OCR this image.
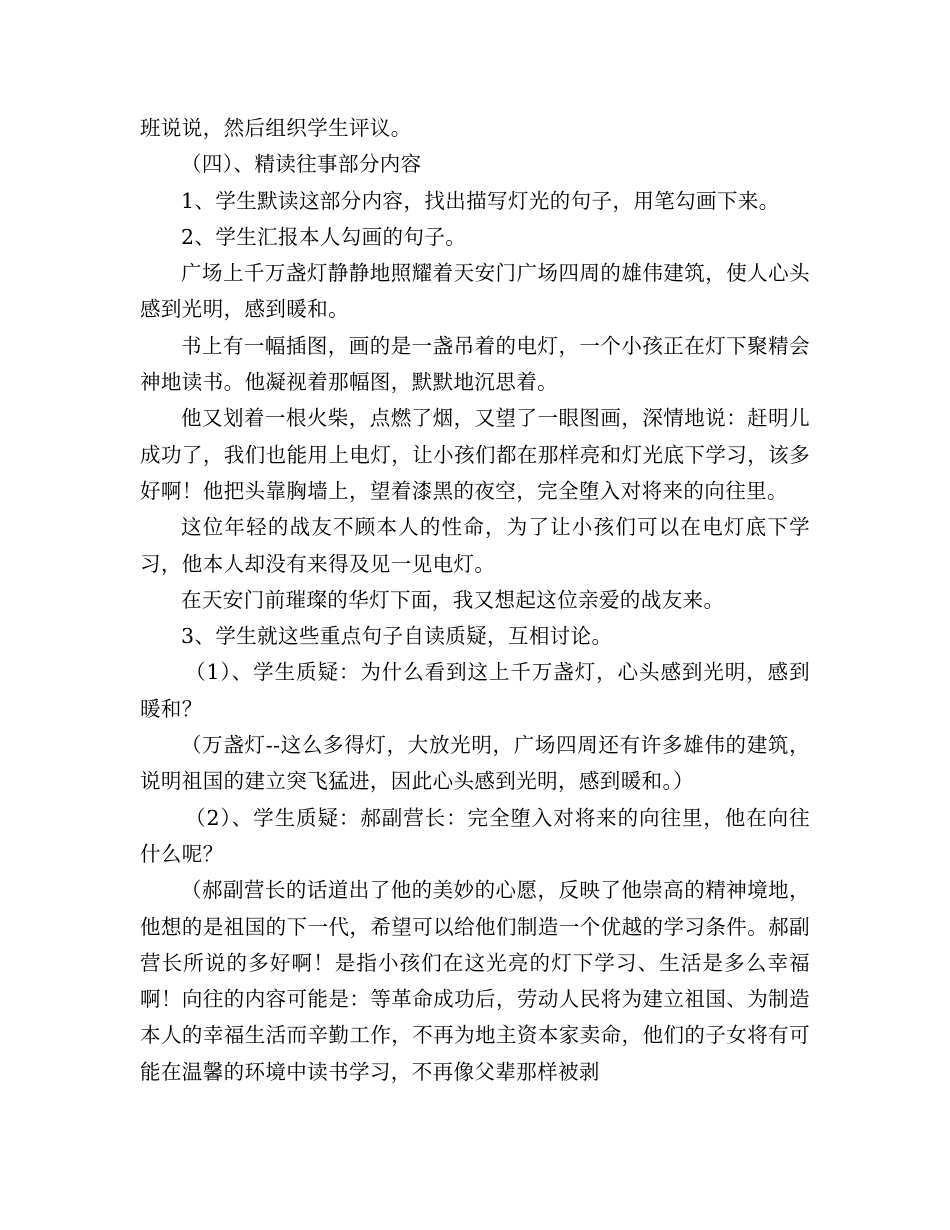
班说说，然后组织学生评议。

（四）、精读往事部分内容

1、学生默读这部分内容，找出描写灯光的句子，用笔勾画下来。

2、学生汇报本人勾画的句子。

广场上千万盏灯静静地照耀着天安门广场四周的雄伟建筑，使人心头感到光明，感到暖和。

书上有一幅插图，画的是一盏吊着的电灯，一个小孩正在灯下聚精会神地读书。他凝视着那幅图，默默地沉思着。

他又划着一根火柴，点燃了烟，又望了一眼图画，深情地说：赶明儿成功了，我们也能用上电灯，让小孩们都在那样亮和灯光底下学习，该多好啊！他把头靠胸墙上，望着漆黑的夜空，完全堕入对将来的向往里。

这位年轻的战友不顾本人的性命，为了让小孩们可以在电灯底下学习，他本人却没有来得及见一见电灯。

在天安门前璀璨的华灯下面，我又想起这位亲爱的战友来。

3、学生就这些重点句子自读质疑，互相讨论。

（1）、学生质疑：为什么看到这上千万盏灯，心头感到光明，感到暖和？

（万盏灯--这么多得灯，大放光明，广场四周还有许多雄伟的建筑，说明祖国的建立突飞猛进，因此心头感到光明，感到暖和。）

（2）、学生质疑：郝副营长：完全堕入对将来的向往里，他在向往什么呢？

（郝副营长的话道出了他的美妙的心愿，反映了他崇高的精神境地，他想的是祖国的下一代，希望可以给他们制造一个优越的学习条件。郝副营长所说的多好啊！是指小孩们在这光亮的灯下学习、生活是多么幸福啊！向往的内容可能是：等革命成功后，劳动人民将为建立祖国、为制造本人的幸福生活而辛勤工作，不再为地主资本家卖命，他们的子女将有可能在温馨的环境中读书学习，不再像父辈那样被剥
